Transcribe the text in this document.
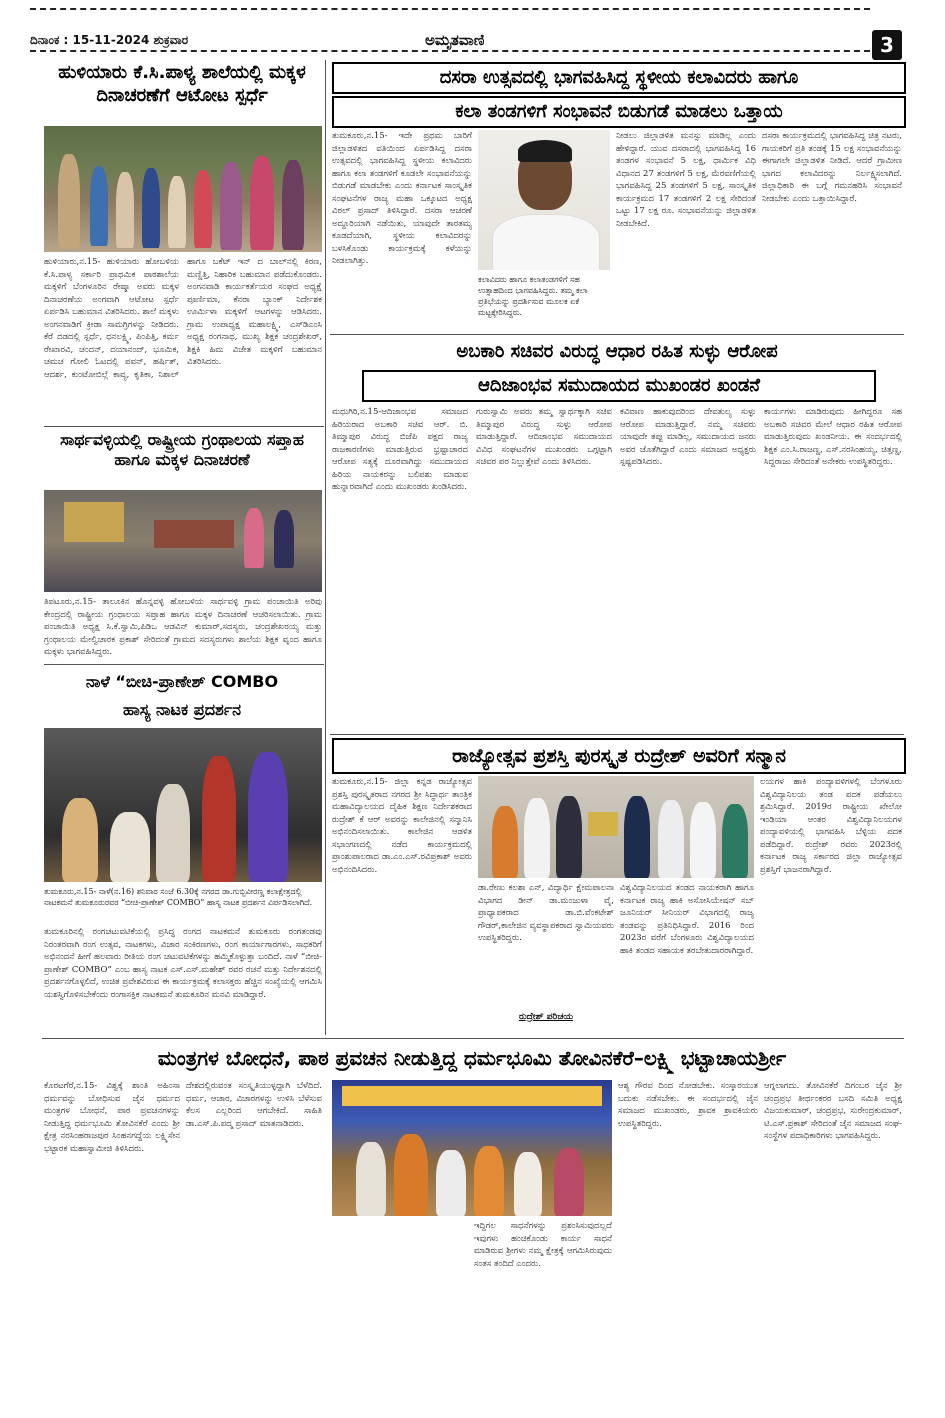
ದಿನಾಂಕ : 15-11-2024 ಶುಕ್ರವಾರ	ಅಮೃತವಾಣಿ	3
ಹುಳಿಯಾರು ಕೆ.ಸಿ.ಪಾಳ್ಯ ಶಾಲೆಯಲ್ಲಿ ಮಕ್ಕಳ ದಿನಾಚರಣೆಗೆ ಆಟೋಟ ಸ್ಪರ್ಧೆ
ಹುಳಿಯಾರು,ನ.15- ಹುಳಿಯಾರು ಹೋಬಳಿಯ ಕೆ.ಸಿ.ಪಾಳ್ಯ ಸರ್ಕಾರಿ ಪ್ರಾಥಮಿಕ ಪಾಠಶಾಲೆಯ ಮಕ್ಕಳಿಗೆ ಬೆಂಗಳೂರಿನ ರೇಷ್ಮಾ ಅವರು ಮಕ್ಕಳ ದಿನಾಚರಣೆಯ ಅಂಗವಾಗಿ ಆಟೋಟ ಸ್ಪರ್ಧೆ ಏರ್ಪಡಿಸಿ ಬಹುಮಾನ ವಿತರಿಸಿದರು. ಶಾಲೆ ಮಕ್ಕಳು ಅಂಗನವಾಡಿಗೆ ಕ್ರೀಡಾ ಸಾಮಗ್ರಿಗಳನ್ನು ನೀಡಿದರು. ಕೆರೆ ದಡದಲ್ಲಿ ಸ್ಪರ್ಧೆ, ಧನಲಕ್ಷ್ಮಿ, ಪಿಂಪಿತ್ತಿ, ಕರ್ಮ ರೇಖಾರವಿ, ಚಂದನ್, ದಯಾನಂದ್, ಭೂಮಿಕ, ಚಮಚ ಗೋಲಿ ಓಟದಲ್ಲಿ ಪವನ್, ಹರ್ಷಿತ್, ಆದರ್ಶ, ಕುಂಟೋಬಿಲ್ಲೆ ಕಾವ್ಯ, ಕೃತಿಕಾ, ನಿಶಾಲ್ ಹಾಗೂ ಬಕೆಟ್ ಇನ್ ದ ಬಾಲ್‌ನಲ್ಲಿ ಕಿರಣ, ಮಣ್ಣಿತ್ತಿ, ನಿಹಾರಿಕ ಬಹುಮಾನ ಪಡೆದುಕೊಂಡರು. ಅಂಗನವಾಡಿ ಕಾರ್ಯಕರ್ತೆಯರ ಸಂಘದ ಅಧ್ಯಕ್ಷೆ ಪೂರ್ಣಿಮಾ, ಕೆನರಾ ಬ್ಯಾಂಕ್ ನಿರ್ದೇಶಕ ಊರ್ಮಿಳಾ ಮಕ್ಕಳಿಗೆ ಆಟಗಳನ್ನು ಆಡಿಸಿದರು. ಗ್ರಾಮ ಉಪಾಧ್ಯಕ್ಷ ಮಹಾಲಕ್ಷ್ಮಿ, ಎಸ್‌ಡಿಎಂಸಿ ಅಧ್ಯಕ್ಷ ರಂಗನಾಥ, ಮುಖ್ಯ ಶಿಕ್ಷಕ ಚಂದ್ರಶೇಖರ್, ಶಿಕ್ಷಕಿ ಹಿಮ ವಿಜೇತ ಮಕ್ಕಳಿಗೆ ಬಹುಮಾನ ವಿತರಿಸಿದರು.
ಸಾರ್ಥವಳ್ಳಿಯಲ್ಲಿ ರಾಷ್ಟ್ರೀಯ ಗ್ರಂಥಾಲಯ ಸಪ್ತಾಹ ಹಾಗೂ ಮಕ್ಕಳ ದಿನಾಚರಣೆ
ತಿಪಟೂರು,ನ.15- ತಾಲೂಕಿನ ಹೊನ್ನವಳ್ಳಿ ಹೋಬಳಿಯ ಸಾರ್ಥವಳ್ಳಿ ಗ್ರಾಮ ಪಂಚಾಯಿತಿ ಅರಿವು ಕೇಂದ್ರದಲ್ಲಿ ರಾಷ್ಟ್ರೀಯ ಗ್ರಂಥಾಲಯ ಸಪ್ತಾಹ ಹಾಗೂ ಮಕ್ಕಳ ದಿನಾಚರಣೆ ಆಚರಿಸಲಾಯಿತು. ಗ್ರಾಮ ಪಂಚಾಯಿತಿ ಅಧ್ಯಕ್ಷ ಸಿ.ಕೆ.ಸ್ವಾಮಿ,ಪಿಡಿಒ ಆಡವಿನ್ ಕುಮಾರ್,ಸದಸ್ಯರು, ಚಂದ್ರಶೇಖರಯ್ಯ ಮತ್ತು ಗ್ರಂಥಾಲಯ ಮೇಲ್ವಿಚಾರಕ ಪ್ರಕಾಶ್ ಸೇರಿದಂತೆ ಗ್ರಾಮದ ಸದಸ್ಯರುಗಳು ಶಾಲೆಯ ಶಿಕ್ಷಕ ವೃಂದ ಹಾಗೂ ಮಕ್ಕಳು ಭಾಗವಹಿಸಿದ್ದರು.
ನಾಳೆ “ಬೀಚಿ-ಪ್ರಾಣೇಶ್ COMBO
ಹಾಸ್ಯ ನಾಟಕ ಪ್ರದರ್ಶನ
ತುಮಕೂರು,ನ.15- ನಾಳೆ(ನ.16) ಶನಿವಾರ ಸಂಜೆ 6.30ಕ್ಕೆ ನಗರದ ಡಾ.ಗುಬ್ಬಿವೀರಣ್ಣ ಕಲಾಕ್ಷೇತ್ರದಲ್ಲಿ ನಾಟಕಮನೆ ತುಮಕೂರುರವರ “ಬೀಚಿ-ಪ್ರಾಣೇಶ್ COMBO” ಹಾಸ್ಯ ನಾಟಕ ಪ್ರದರ್ಶನ ವಿರ್ಪಡಿಸಲಾಗಿದೆ.
ತುಮಕೂರಿನಲ್ಲಿ ರಂಗಚಟುವಟಿಕೆಯಲ್ಲಿ ಪ್ರಸಿದ್ಧ ರಂಗದ ನಾಟಕಮನೆ ತುಮಕೂರು ರಂಗತಂಡವು ನಿರಂತರವಾಗಿ ರಂಗ ಉತ್ಸವ, ನಾಟಕಗಳು, ವಿಚಾರ ಸಂಕಿರಣಗಳು, ರಂಗ ಕಾರ್ಯಾಗಾರಗಳು, ಸಾಧಕರಿಗೆ ಅಭಿನಂದನೆ ಹೀಗೆ ಹಲವಾರು ರೀತಿಯ ರಂಗ ಚಟುವಟಿಕೆಗಳನ್ನು ಹಮ್ಮಿಕೊಳ್ಳುತ್ತಾ ಬಂದಿದೆ. ನಾಳೆ “ಬೀಚಿ-ಪ್ರಾಣೇಶ್ COMBO” ಎಂಬ ಹಾಸ್ಯ ನಾಟಕ ಎಸ್.ಎಸ್.ಮಹೇಶ್ ರವರ ರಚನೆ ಮತ್ತು ನಿರ್ದೇಶನದಲ್ಲಿ ಪ್ರದರ್ಶನಗೊಳ್ಳಲಿದೆ, ಉಚಿತ ಪ್ರವೇಶವಿರುವ ಈ ಕಾರ್ಯಕ್ರಮಕ್ಕೆ ಕಲಾಸಕ್ತರು ಹೆಚ್ಚಿನ ಸಂಖ್ಯೆಯಲ್ಲಿ ಆಗಮಿಸಿ ಯಶಸ್ವಿಗೊಳಿಸಬೇಕೆಂದು ರಂಗಾಸಕ್ತಿಕ ನಾಟಕಮನೆ ತುಮಕೂರಿನ ಮನವಿ ಮಾಡಿದ್ದಾರೆ.
ದಸರಾ ಉತ್ಸವದಲ್ಲಿ ಭಾಗವಹಿಸಿದ್ದ ಸ್ಥಳೀಯ ಕಲಾವಿದರು ಹಾಗೂ
ಕಲಾ ತಂಡಗಳಿಗೆ ಸಂಭಾವನೆ ಬಿಡುಗಡೆ ಮಾಡಲು ಒತ್ತಾಯ
ತುಮಕೂರು,ನ.15- ಇದೇ ಪ್ರಥಮ ಬಾರಿಗೆ ಜಿಲ್ಲಾಡಳಿತದ ವತಿಯಿಂದ ಏರ್ಪಡಿಸಿದ್ದ ದಸರಾ ಉತ್ಸವದಲ್ಲಿ ಭಾಗವಹಿಸಿದ್ದ ಸ್ಥಳೀಯ ಕಲಾವಿದರು ಹಾಗೂ ಕಲಾ ತಂಡಗಳಿಗೆ ಕೂಡಲೇ ಸಂಭಾವನೆಯನ್ನು ಬಿಡುಗಡೆ ಮಾಡಬೇಕು ಎಂದು ಕರ್ನಾಟಕ ಸಾಂಸ್ಕೃತಿಕ ಸಂಘಟನೆಗಳ ರಾಜ್ಯ ಮಹಾ ಒಕ್ಕೂಟದ ಅಧ್ಯಕ್ಷ ವಿಠಲ್ ಪ್ರಸಾದ್ ತಿಳಿಸಿದ್ದಾರೆ. ದಸರಾ ಆಚರಣೆ ಅದ್ದೂರಿಯಾಗಿ ನಡೆಯಿತು, ಯಾವುದೇ ತಾರತಮ್ಯ ಕೂಡದೆಯಾಗಿ, ಸ್ಥಳೀಯ ಕಲಾವಿದರನ್ನು ಬಳಸಿಕೊಂಡು ಕಾರ್ಯಕ್ರಮಕ್ಕೆ ಕಳೆಯನ್ನು ನೀಡಲಾಗಿತ್ತು.
ಕಲಾವಿದರು ಹಾಗೂ ಕಲಾತಂಡಗಳಿಗೆ ಸಹ ಉತ್ಸಾಹದಿಂದ ಭಾಗವಹಿಸಿದ್ದರು. ತಮ್ಮ ಕಲಾ ಪ್ರತಿಭೆಯನ್ನು ಪ್ರದರ್ಶಿಸುವ ಮೂಲಕ ಏಕೆ ಮಟ್ಟಕ್ಕೇರಿಸಿದ್ದರು.
ನೀಡಲು ಜಿಲ್ಲಾಡಳಿತ ಮನಸ್ಸು ಮಾಡಿಲ್ಲ ಎಂದು ಹೇಳಿದ್ದಾರೆ. ಯುವ ದಸರಾದಲ್ಲಿ ಭಾಗವಹಿಸಿದ್ದ 16 ತಂಡಗಳ ಸಂಭಾವನೆ 5 ಲಕ್ಷ, ಧಾರ್ಮಿಕ ವಿಧಿ ವಿಧಾನದ 27 ತಂಡಗಳಿಗೆ 5 ಲಕ್ಷ, ಮೆರವಣಿಗೆಯಲ್ಲಿ ಭಾಗವಹಿಸಿದ್ದ 25 ತಂಡಗಳಿಗೆ 5 ಲಕ್ಷ, ಸಾಂಸ್ಕೃತಿಕ ಕಾರ್ಯಕ್ರಮದ 17 ತಂಡಗಳಿಗೆ 2 ಲಕ್ಷ ಸೇರಿದಂತೆ ಒಟ್ಟು 17 ಲಕ್ಷ ರೂ. ಸಂಭಾವನೆಯನ್ನು ಜಿಲ್ಲಾಡಳಿತ ನೀಡಬೇಕಿದೆ.
ದಸರಾ ಕಾರ್ಯಕ್ರಮದಲ್ಲಿ ಭಾಗವಹಿಸಿದ್ದ ಚಿತ್ರ ನಟರು, ಗಾಯಕರಿಗೆ ಪ್ರತಿ ತಂಡಕ್ಕೆ 15 ಲಕ್ಷ ಸಂಭಾವನೆಯನ್ನು ಈಗಾಗಲೇ ಜಿಲ್ಲಾಡಳಿತ ನೀಡಿದೆ. ಆದರೆ ಗ್ರಾಮೀಣ ಭಾಗದ ಕಲಾವಿದರನ್ನು ನಿರ್ಲಕ್ಷ್ಯಿಸಲಾಗಿದೆ. ಜಿಲ್ಲಾಧಿಕಾರಿ ಈ ಬಗ್ಗೆ ಗಮನಹರಿಸಿ ಸಂಭಾವನೆ ನೀಡಬೇಕು ಎಂದು ಒತ್ತಾಯಿಸಿದ್ದಾರೆ.
ಅಬಕಾರಿ ಸಚಿವರ ವಿರುದ್ಧ ಆಧಾರ ರಹಿತ ಸುಳ್ಳು ಆರೋಪ
ಆದಿಜಾಂಭವ ಸಮುದಾಯದ ಮುಖಂಡರ ಖಂಡನೆ
ಮಧುಗಿರಿ,ನ.15-ಆದಿಜಾಂಭವ ಸಮಾಜದ ಹಿರಿಯರಾದ ಅಬಕಾರಿ ಸಚಿವ ಆರ್. ಬಿ. ತಿಮ್ಮಾಪುರ ವಿರುದ್ಧ ಬಿಜೆಪಿ ಪಕ್ಷದ ರಾಜ್ಯ ರಾಜಕಾರಣಿಗಳು ಮಾಡುತ್ತಿರುವ ಭ್ರಷ್ಟಾಚಾರದ ಆರೋಪ ಸತ್ಯಕ್ಕೆ ದೂರವಾಗಿದ್ದು ಸಮುದಾಯದ ಹಿರಿಯ ನಾಯಕರನ್ನು ಬಲಿಪಶು ಮಾಡುವ ಹುನ್ನಾರವಾಗಿದೆ ಎಂದು ಮುಖಂಡರು ಖಂಡಿಸಿದರು.
ಗುರುಸ್ವಾಮಿ ಅವರು ತಮ್ಮ ಸ್ವಾರ್ಥಕ್ಕಾಗಿ ಸಚಿವ ತಿಮ್ಮಾಪುರ ವಿರುದ್ಧ ಸುಳ್ಳು ಆರೋಪ ಮಾಡುತ್ತಿದ್ದಾರೆ. ಆದಿಜಾಂಭವ ಸಮುದಾಯದ ವಿವಿಧ ಸಂಘಟನೆಗಳ ಮುಖಂಡರು ಒಗ್ಗಟ್ಟಾಗಿ ಸಚಿವರ ಪರ ನಿಲ್ಲುತ್ತೇವೆ ಎಂದು ತಿಳಿಸಿದರು.
ಕವಿವಾಣ ಹಾಕುವುದರಿಂದ ದೇವತುಲ್ಯ ಸುಳ್ಳು ಆರೋಪ ಮಾಡುತ್ತಿದ್ದಾರೆ. ನಮ್ಮ ಸಚಿವರು ಯಾವುದೇ ತಪ್ಪು ಮಾಡಿಲ್ಲ, ಸಮುದಾಯದ ಜನರು ಅವರ ಜೊತೆಗಿದ್ದಾರೆ ಎಂದು ಸಮಾಜದ ಅಧ್ಯಕ್ಷರು ಸ್ಪಷ್ಟಪಡಿಸಿದರು.
ಕಾರ್ಯಗಳು ಮಾಡಿರುವುದು ಹೀಗಿದ್ದರೂ ಸಹ ಅಬಕಾರಿ ಸಚಿವರ ಮೇಲೆ ಆಧಾರ ರಹಿತ ಆರೋಪ ಮಾಡುತ್ತಿರುವುದು ಖಂಡನೀಯ. ಈ ಸಂದರ್ಭದಲ್ಲಿ ಶಿಕ್ಷಕ ಎಂ.ಸಿ.ರಾಜಣ್ಣ, ಎಸ್.ನರಸಿಂಹಯ್ಯ, ಚಿತ್ತಣ್ಣ, ಸಿದ್ದರಾಜು ಸೇರಿದಂತೆ ಅನೇಕರು ಉಪಸ್ಥಿತರಿದ್ದರು.
ರಾಜ್ಯೋತ್ಸವ ಪ್ರಶಸ್ತಿ ಪುರಸ್ಕೃತ ರುದ್ರೇಶ್ ಅವರಿಗೆ ಸನ್ಮಾನ
ತುಮಕೂರು,ನ.15- ಜಿಲ್ಲಾ ಕನ್ನಡ ರಾಜ್ಯೋತ್ಸವ ಪ್ರಶಸ್ತಿ ಪುರಸ್ಕೃತರಾದ ನಗರದ ಶ್ರೀ ಸಿದ್ಧಾರ್ಥ ತಾಂತ್ರಿಕ ಮಹಾವಿದ್ಯಾಲಯದ ದೈಹಿಕ ಶಿಕ್ಷಣ ನಿರ್ದೇಶಕರಾದ ರುದ್ರೇಶ್ ಕೆ ಆರ್ ಅವರನ್ನು ಕಾಲೇಜಿನಲ್ಲಿ ಸನ್ಮಾನಿಸಿ ಅಭಿನಂದಿಸಲಾಯಿತು. ಕಾಲೇಜಿನ ಆಡಳಿತ ಸಭಾಂಗಣದಲ್ಲಿ ನಡೆದ ಕಾರ್ಯಕ್ರಮದಲ್ಲಿ ಪ್ರಾಂಶುಪಾಲರಾದ ಡಾ.ಎಂ.ಎಸ್.ರವಿಪ್ರಕಾಶ್ ಅವರು ಅಭಿನಂದಿಸಿದರು.
ಲಯಗಳ ಹಾಕಿ ಪಂದ್ಯಾವಳಿಗಳಲ್ಲಿ ಬೆಂಗಳೂರು ವಿಶ್ವವಿದ್ಯಾನಿಲಯ ತಂಡ ಪದಕ ಪಡೆಯಲು ಶ್ರಮಿಸಿದ್ದಾರೆ. 2019ರ ರಾಷ್ಟ್ರೀಯ ಖೇಲೋ ಇಂಡಿಯಾ ಆಂತರ ವಿಶ್ವವಿದ್ಯಾನಿಲಯಗಳ ಪಂದ್ಯಾವಳಿಯಲ್ಲಿ ಭಾಗವಹಿಸಿ ಬೆಳ್ಳಿಯ ಪದಕ ಪಡೆದಿದ್ದಾರೆ. ರುದ್ರೇಶ್ ರವರು 2023ರಲ್ಲಿ ಕರ್ನಾಟಕ ರಾಜ್ಯ ಸರ್ಕಾರದ ಜಿಲ್ಲಾ ರಾಜ್ಯೋತ್ಸವ ಪ್ರಶಸ್ತಿಗೆ ಭಾಜನರಾಗಿದ್ದಾರೆ.
ಡಾ.ರೇಣು ಕಲಶಾ ಎನ್, ವಿದ್ಯಾರ್ಥಿ ಕ್ಷೇಮಪಾಲನಾ ವಿಭಾಗದ ಡೀನ್ ಡಾ.ಮಂಜುಳಾ ವೈ, ಪ್ರಾಧ್ಯಾಪಕರಾದ ಡಾ.ಬಿ.ವೆಂಕಟೇಶ್ ಗೌಡರ್,ಕಾಲೇಜಿನ ವ್ಯವಸ್ಥಾಪಕರಾದ ಸ್ವಾಮಿಯವರು ಉಪಸ್ಥಿತರಿದ್ದರು.
ರುದ್ರೇಶ್ ಪರಿಚಯ
ವಿಶ್ವವಿದ್ಯಾನಿಲಯದ ತಂಡದ ನಾಯಕರಾಗಿ ಹಾಗೂ ಕರ್ನಾಟಕ ರಾಜ್ಯ ಹಾಕಿ ಅಸೋಸಿಯೇಷನ್ ಸಬ್ ಜೂನಿಯರ್ ಸೀನಿಯರ್ ವಿಭಾಗದಲ್ಲಿ ರಾಜ್ಯ ತಂಡವನ್ನು ಪ್ರತಿನಿಧಿಸಿದ್ದಾರೆ. 2016 ರಿಂದ 2023ರ ವರೆಗೆ ಬೆಂಗಳೂರು ವಿಶ್ವವಿದ್ಯಾಲಯದ ಹಾಕಿ ತಂಡದ ಸಹಾಯಕ ತರಬೇತುದಾರರಾಗಿದ್ದಾರೆ.
ಮಂತ್ರಗಳ ಬೋಧನೆ, ಪಾಠ ಪ್ರವಚನ ನೀಡುತ್ತಿದ್ದ ಧರ್ಮಭೂಮಿ ತೋವಿನಕೆರೆ–ಲಕ್ಷ್ಮಿ ಭಟ್ಟಾಚಾಯರ್ಶ್ರೀ
ಕೊರಟಗೆರೆ,ನ.15- ವಿಶ್ವಕ್ಕೆ ಶಾಂತಿ ಅಹಿಂಸಾ ಧರ್ಮವನ್ನು ಬೋಧಿಸುವ ಜೈನ ಧರ್ಮದ ಮಂತ್ರಗಳ ಬೋಧನೆ, ಪಾಠ ಪ್ರವಚನಗಳನ್ನು ನೀಡುತ್ತಿದ್ದ ಧರ್ಮಭೂಮಿ ತೋವಿನಕೆರೆ ಎಂದು ಶ್ರೀ ಕ್ಷೇತ್ರ ನರಸಿಂಹರಾಜಪುರ ಸಿಂಹನಗದ್ದೆಯ ಲಕ್ಷ್ಮಿಸೇನ ಭಟ್ಟಾರಕ ಮಹಾಸ್ವಾಮೀಜಿ ತಿಳಿಸಿದರು.
ದೇಶದಲ್ಲಿರುವಂತ ಸಂಸ್ಕೃತಿಯುಳ್ಳದ್ದಾಗಿ ಬೆಳೆದಿದೆ. ಧರ್ಮ, ಆಚಾರ, ವಿಚಾರಗಳನ್ನು ಉಳಿಸಿ ಬೆಳೆಸುವ ಕೆಲಸ ಎಲ್ಲರಿಂದ ಆಗಬೇಕಿದೆ. ಸಾಹಿತಿ ಡಾ.ಎಸ್.ಪಿ.ಪದ್ಮ ಪ್ರಸಾದ್ ಮಾತನಾಡಿದರು.
ಇದ್ದಿಗಲ ಸಾಧನೆಗಳನ್ನು ಪ್ರಶಂಸಿಸುವುದಲ್ಲದೆ ಇವುಗಳು ಹಂಚಿಕೊಂಡು ಕಾರ್ಯ ಸಾಧನೆ ಮಾಡಿರುವ ಶ್ರೀಗಳು ನಮ್ಮ ಕ್ಷೇತ್ರಕ್ಕೆ ಆಗಮಿಸಿರುವುದು ಸಂತಸ ತಂದಿದೆ ಎಂದರು.
ಆಶ್ಯ ಗೌರವ ದಿಂದ ನೋಡಬೇಕು. ಸಂಸ್ಕಾರಯುತ ಬದುಕು ನಡೆಸಬೇಕು. ಈ ಸಂದರ್ಭದಲ್ಲಿ ಜೈನ ಸಮಾಜದ ಮುಖಂಡರು, ಶ್ರಾವಕ ಶ್ರಾವಕಿಯರು ಉಪಸ್ಥಿತರಿದ್ದರು.
ಆಗ್ನಲಾಗದು. ತೋವಿನಕೆರೆ ದಿಗಂಬರ ಜೈನ ಶ್ರೀ ಚಂದ್ರಪ್ರಭ ತೀರ್ಥಂಕರರ ಬಸದಿ ಸಮಿತಿ ಅಧ್ಯಕ್ಷ ವಿಜಯಕುಮಾರ್, ಚಂದ್ರಪ್ರಭ, ಸುರೇಂದ್ರಕುಮಾರ್, ಟಿ.ಎಸ್.ಪ್ರಕಾಶ್ ಸೇರಿದಂತೆ ಜೈನ ಸಮಾಜದ ಸಂಘ-ಸಂಸ್ಥೆಗಳ ಪದಾಧಿಕಾರಿಗಳು ಭಾಗವಹಿಸಿದ್ದರು.
